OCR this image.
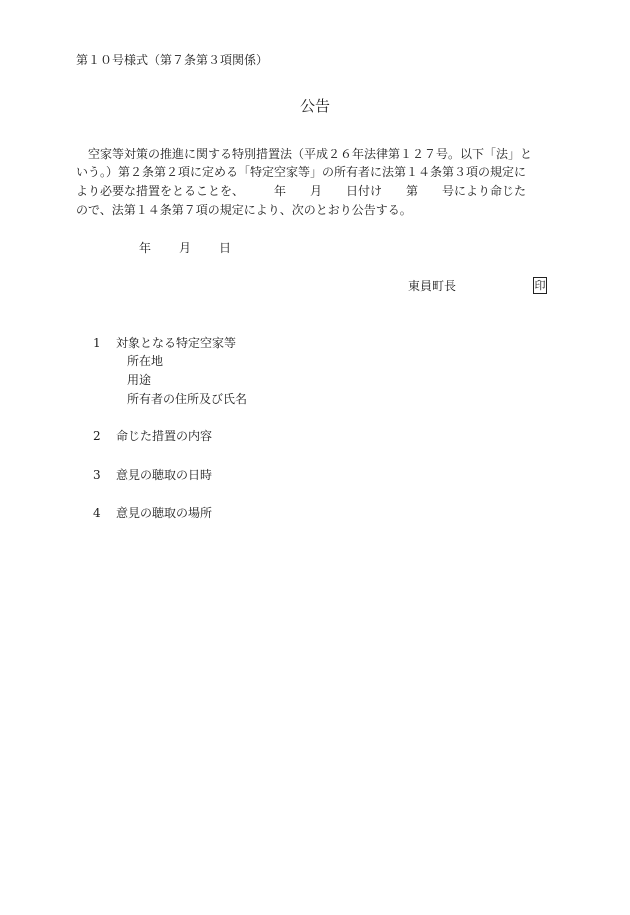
第１０号様式（第７条第３項関係）
公告
　空家等対策の推進に関する特別措置法（平成２６年法律第１２７号。以下「法」と
いう。）第２条第２項に定める「特定空家等」の所有者に法第１４条第３項の規定に
より必要な措置をとることを、　　　年　　月　　日付け　　第　　号により命じた
ので、法第１４条第７項の規定により、次のとおり公告する。
年 月 日
東員町長	印
1 対象となる特定空家等
所在地
用途
所有者の住所及び氏名
2 命じた措置の内容
3 意見の聴取の日時
4 意見の聴取の場所
